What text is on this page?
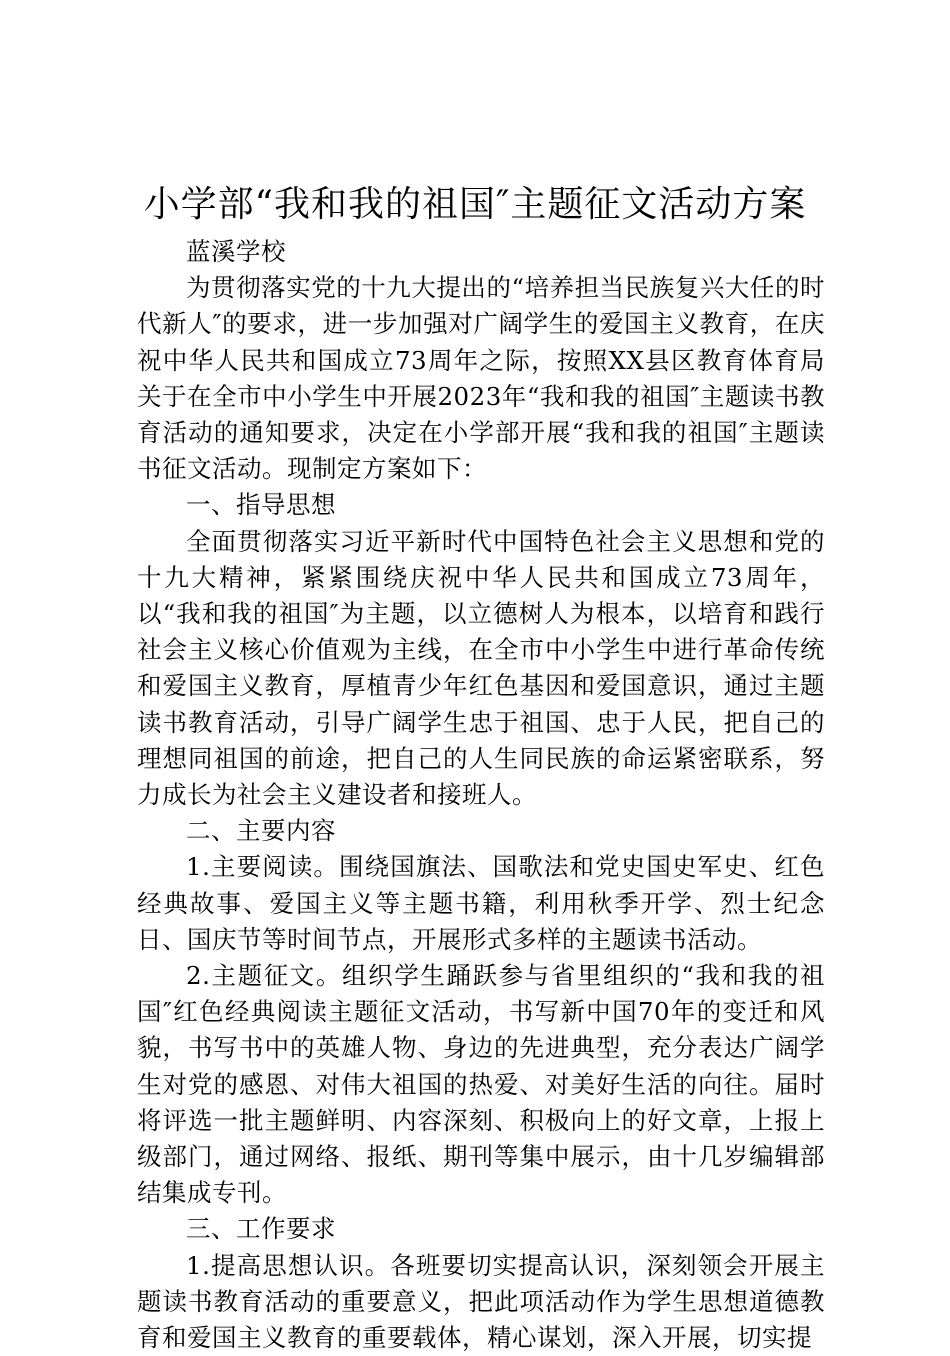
小学部“我和我的祖国″主题征文活动方案

蓝溪学校

为贯彻落实党的十九大提出的“培养担当民族复兴大任的时代新人″的要求，进一步加强对广阔学生的爱国主义教育，在庆祝中华人民共和国成立73周年之际，按照XX县区教育体育局关于在全市中小学生中开展2023年“我和我的祖国″主题读书教育活动的通知要求，决定在小学部开展“我和我的祖国″主题读书征文活动。现制定方案如下：

一、指导思想

全面贯彻落实习近平新时代中国特色社会主义思想和党的十九大精神，紧紧围绕庆祝中华人民共和国成立73周年，以“我和我的祖国″为主题，以立德树人为根本，以培育和践行社会主义核心价值观为主线，在全市中小学生中进行革命传统和爱国主义教育，厚植青少年红色基因和爱国意识，通过主题读书教育活动，引导广阔学生忠于祖国、忠于人民，把自己的理想同祖国的前途，把自己的人生同民族的命运紧密联系，努力成长为社会主义建设者和接班人。

二、主要内容

1.主要阅读。围绕国旗法、国歌法和党史国史军史、红色经典故事、爱国主义等主题书籍，利用秋季开学、烈士纪念日、国庆节等时间节点，开展形式多样的主题读书活动。

2.主题征文。组织学生踊跃参与省里组织的“我和我的祖国″红色经典阅读主题征文活动，书写新中国70年的变迁和风貌，书写书中的英雄人物、身边的先进典型，充分表达广阔学生对党的感恩、对伟大祖国的热爱、对美好生活的向往。届时将评选一批主题鲜明、内容深刻、积极向上的好文章，上报上级部门，通过网络、报纸、期刊等集中展示，由十几岁编辑部结集成专刊。

三、工作要求

1.提高思想认识。各班要切实提高认识，深刻领会开展主题读书教育活动的重要意义，把此项活动作为学生思想道德教育和爱国主义教育的重要载体，精心谋划，深入开展，切实提
